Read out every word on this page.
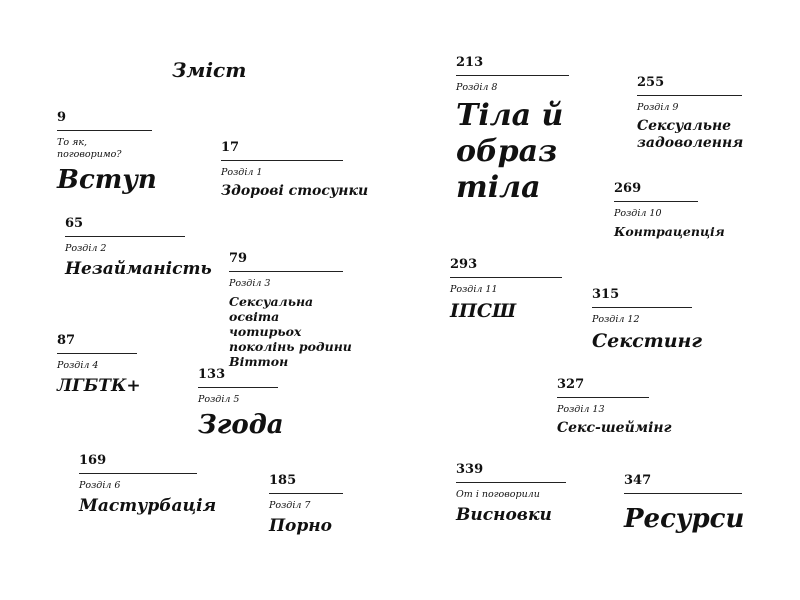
Зміст
9
То як, поговоримо?
Вступ
17
Розділ 1
Здорові стосунки
65
Розділ 2
Незайманість
79
Розділ 3
Сексуальна освіта чотирьох поколінь родини Віттон
87
Розділ 4
ЛГБТК+
133
Розділ 5
Згода
169
Розділ 6
Мастурбація
185
Розділ 7
Порно
213
Розділ 8
Тіла й образ тіла
255
Розділ 9
Сексуальне задоволення
269
Розділ 10
Контрацепція
293
Розділ 11
ІПСШ
315
Розділ 12
Секстинг
327
Розділ 13
Секс-шеймінг
339
От і поговорили
Висновки
347
Ресурси
